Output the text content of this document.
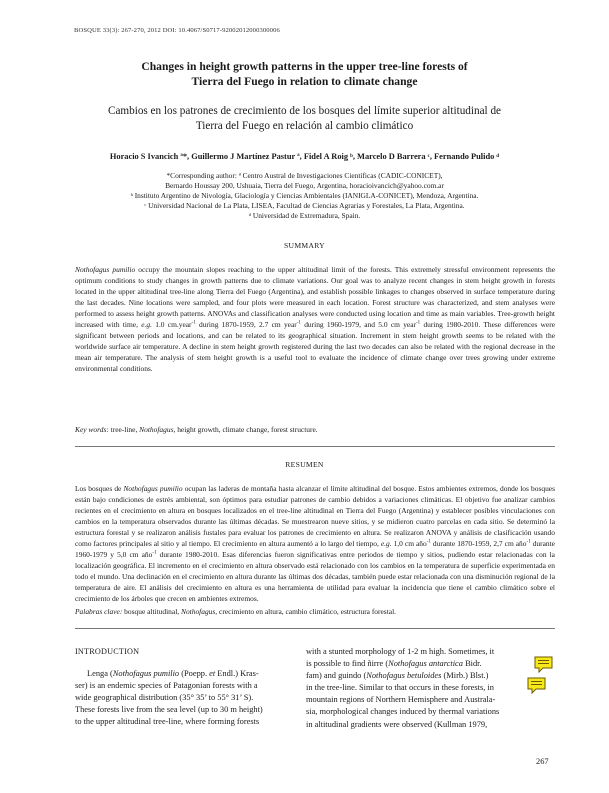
BOSQUE 33(3): 267-270, 2012 DOI: 10.4067/S0717-92002012000300006
Changes in height growth patterns in the upper tree-line forests of
Tierra del Fuego in relation to climate change
Cambios en los patrones de crecimiento de los bosques del límite superior altitudinal de
Tierra del Fuego en relación al cambio climático
Horacio S Ivancich ª*, Guillermo J Martínez Pastur ª, Fidel A Roig ᵇ, Marcelo D Barrera ᶜ, Fernando Pulido ᵈ
*Corresponding author: ª Centro Austral de Investigaciones Científicas (CADIC-CONICET),
Bernardo Houssay 200, Ushuaia, Tierra del Fuego, Argentina, horacioivancich@yahoo.com.ar
ᵇ Instituto Argentino de Nivología, Glaciología y Ciencias Ambientales (IANIGLA-CONICET), Mendoza, Argentina.
ᶜ Universidad Nacional de La Plata, LISEA, Facultad de Ciencias Agrarias y Forestales, La Plata, Argentina.
ᵈ Universidad de Extremadura, Spain.
SUMMARY

Nothofagus pumilio occupy the mountain slopes reaching to the upper altitudinal limit of the forests. This extremely stressful environment represents the optimum conditions to study changes in growth patterns due to climate variations. Our goal was to analyze recent changes in stem height growth in forests located in the upper altitudinal tree-line along Tierra del Fuego (Argentina), and establish possible linkages to changes observed in surface temperature during the last decades. Nine locations were sampled, and four plots were measured in each location. Forest structure was characterized, and stem analyses were performed to assess height growth patterns. ANOVAs and classification analyses were conducted using location and time as main variables. Tree-growth height increased with time, e.g. 1.0 cm.year$^{-1}$ during 1870-1959, 2.7 cm year$^{-1}$ during 1960-1979, and 5.0 cm year$^{-1}$ during 1980-2010. These differences were significant between periods and locations, and can be related to its geographical situation. Increment in stem height growth seems to be related with the worldwide surface air temperature. A decline in stem height growth registered during the last two decades can also be related with the regional decrease in the mean air temperature. The analysis of stem height growth is a useful tool to evaluate the incidence of climate change over trees growing under extreme environmental conditions.

Key words: tree-line, Nothofagus, height growth, climate change, forest structure.
RESUMEN

Los bosques de Nothofagus pumilio ocupan las laderas de montaña hasta alcanzar el límite altitudinal del bosque. Estos ambientes extremos, donde los bosques están bajo condiciones de estrés ambiental, son óptimos para estudiar patrones de cambio debidos a variaciones climáticas. El objetivo fue analizar cambios recientes en el crecimiento en altura en bosques localizados en el tree-line altitudinal en Tierra del Fuego (Argentina) y establecer posibles vinculaciones con cambios en la temperatura observados durante las últimas décadas. Se muestrearon nueve sitios, y se midieron cuatro parcelas en cada sitio. Se determinó la estructura forestal y se realizaron análisis fustales para evaluar los patrones de crecimiento en altura. Se realizaron ANOVA y análisis de clasificación usando como factores principales al sitio y al tiempo. El crecimiento en altura aumentó a lo largo del tiempo, e.g. 1,0 cm año$^{-1}$ durante 1870-1959, 2,7 cm año$^{-1}$ durante 1960-1979 y 5,0 cm año$^{-1}$ durante 1980-2010. Esas diferencias fueron significativas entre periodos de tiempo y sitios, pudiendo estar relacionadas con la localización geográfica. El incremento en el crecimiento en altura observado está relacionado con los cambios en la temperatura de superficie experimentada en todo el mundo. Una declinación en el crecimiento en altura durante las últimas dos décadas, también puede estar relacionada con una disminución regional de la temperatura de aire. El análisis del crecimiento en altura es una herramienta de utilidad para evaluar la incidencia que tiene el cambio climático sobre el crecimiento de los árboles que crecen en ambientes extremos.

Palabras clave: bosque altitudinal, Nothofagus, crecimiento en altura, cambio climático, estructura forestal.
INTRODUCTION
Lenga (Nothofagus pumilio (Poepp. et Endl.) Kras-
ser) is an endemic species of Patagonian forests with a
wide geographical distribution (35° 35’ to 55° 31’ S).
These forests live from the sea level (up to 30 m height)
to the upper altitudinal tree-line, where forming forests
with a stunted morphology of 1-2 m high. Sometimes, it
is possible to find ñirre (Nothofagus antarctica Bidr.
fam) and guindo (Nothofagus betuloides (Mirb.) Blst.)
in the tree-line. Similar to that occurs in these forests, in
mountain regions of Northern Hemisphere and Australa-
sia, morphological changes induced by thermal variations
in altitudinal gradients were observed (Kullman 1979,
267
